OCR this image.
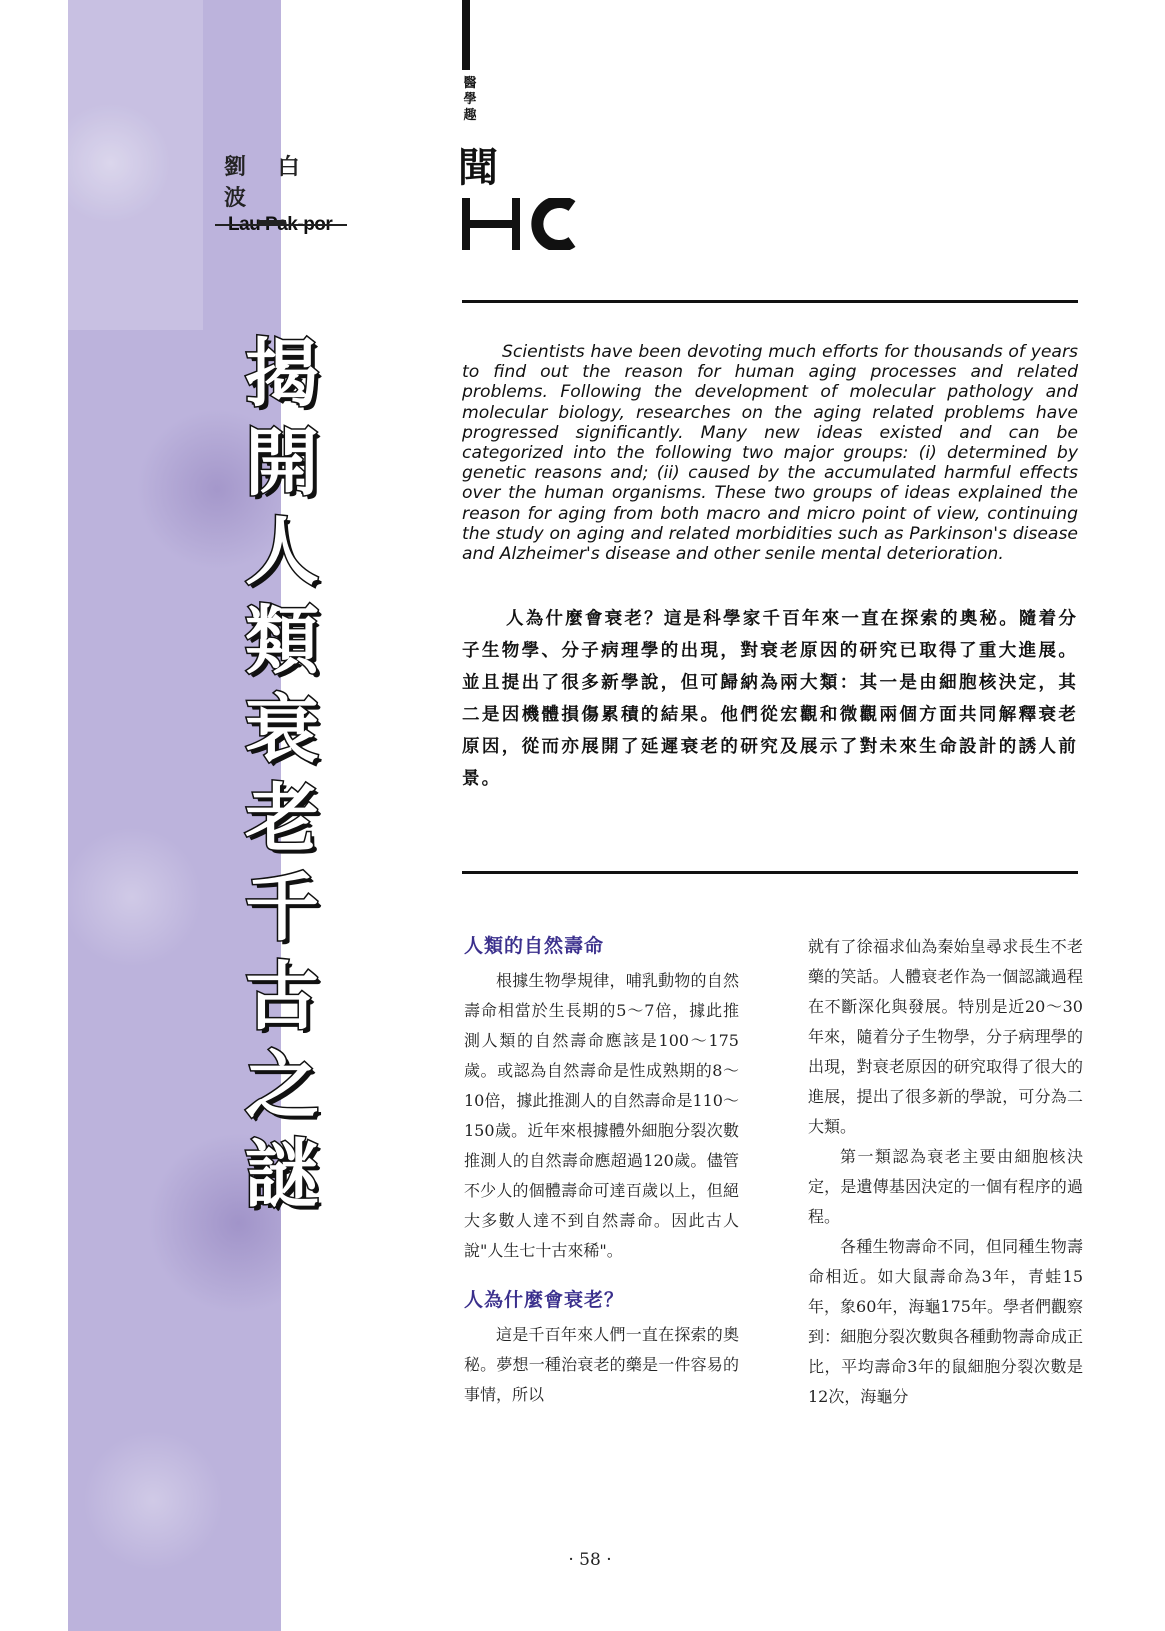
劉 白 波

Lau Pak-por

揭
開
人
類
衰
老
千
古
之
謎
醫
學
趣
聞

Scientists have been devoting much efforts for thousands of years to find out the reason for human aging processes and related problems. Following the development of molecular pathology and molecular biology, researches on the aging related problems have progressed significantly. Many new ideas existed and can be categorized into the following two major groups: (i) determined by genetic reasons and; (ii) caused by the accumulated harmful effects over the human organisms. These two groups of ideas explained the reason for aging from both macro and micro point of view, continuing the study on aging and related morbidities such as Parkinson's disease and Alzheimer's disease and other senile mental deterioration.

人為什麼會衰老？這是科學家千百年來一直在探索的奧秘。隨着分子生物學、分子病理學的出現，對衰老原因的研究已取得了重大進展。並且提出了很多新學說，但可歸納為兩大類：其一是由細胞核決定，其二是因機體損傷累積的結果。他們從宏觀和微觀兩個方面共同解釋衰老原因，從而亦展開了延遲衰老的研究及展示了對未來生命設計的誘人前景。

人類的自然壽命

根據生物學規律，哺乳動物的自然壽命相當於生長期的5〜7倍，據此推測人類的自然壽命應該是100〜175歲。或認為自然壽命是性成熟期的8〜10倍，據此推測人的自然壽命是110〜150歲。近年來根據體外細胞分裂次數推測人的自然壽命應超過120歲。儘管不少人的個體壽命可達百歲以上，但絕大多數人達不到自然壽命。因此古人說"人生七十古來稀"。

人為什麼會衰老？

這是千百年來人們一直在探索的奧秘。夢想一種治衰老的藥是一件容易的事情，所以

就有了徐福求仙為秦始皇尋求長生不老藥的笑話。人體衰老作為一個認識過程在不斷深化與發展。特別是近20〜30年來，隨着分子生物學，分子病理學的出現，對衰老原因的研究取得了很大的進展，提出了很多新的學說，可分為二大類。

第一類認為衰老主要由細胞核決定，是遺傳基因決定的一個有程序的過程。

各種生物壽命不同，但同種生物壽命相近。如大鼠壽命為3年，青蛙15年，象60年，海龜175年。學者們觀察到：細胞分裂次數與各種動物壽命成正比，平均壽命3年的鼠細胞分裂次數是12次，海龜分

· 58 ·
